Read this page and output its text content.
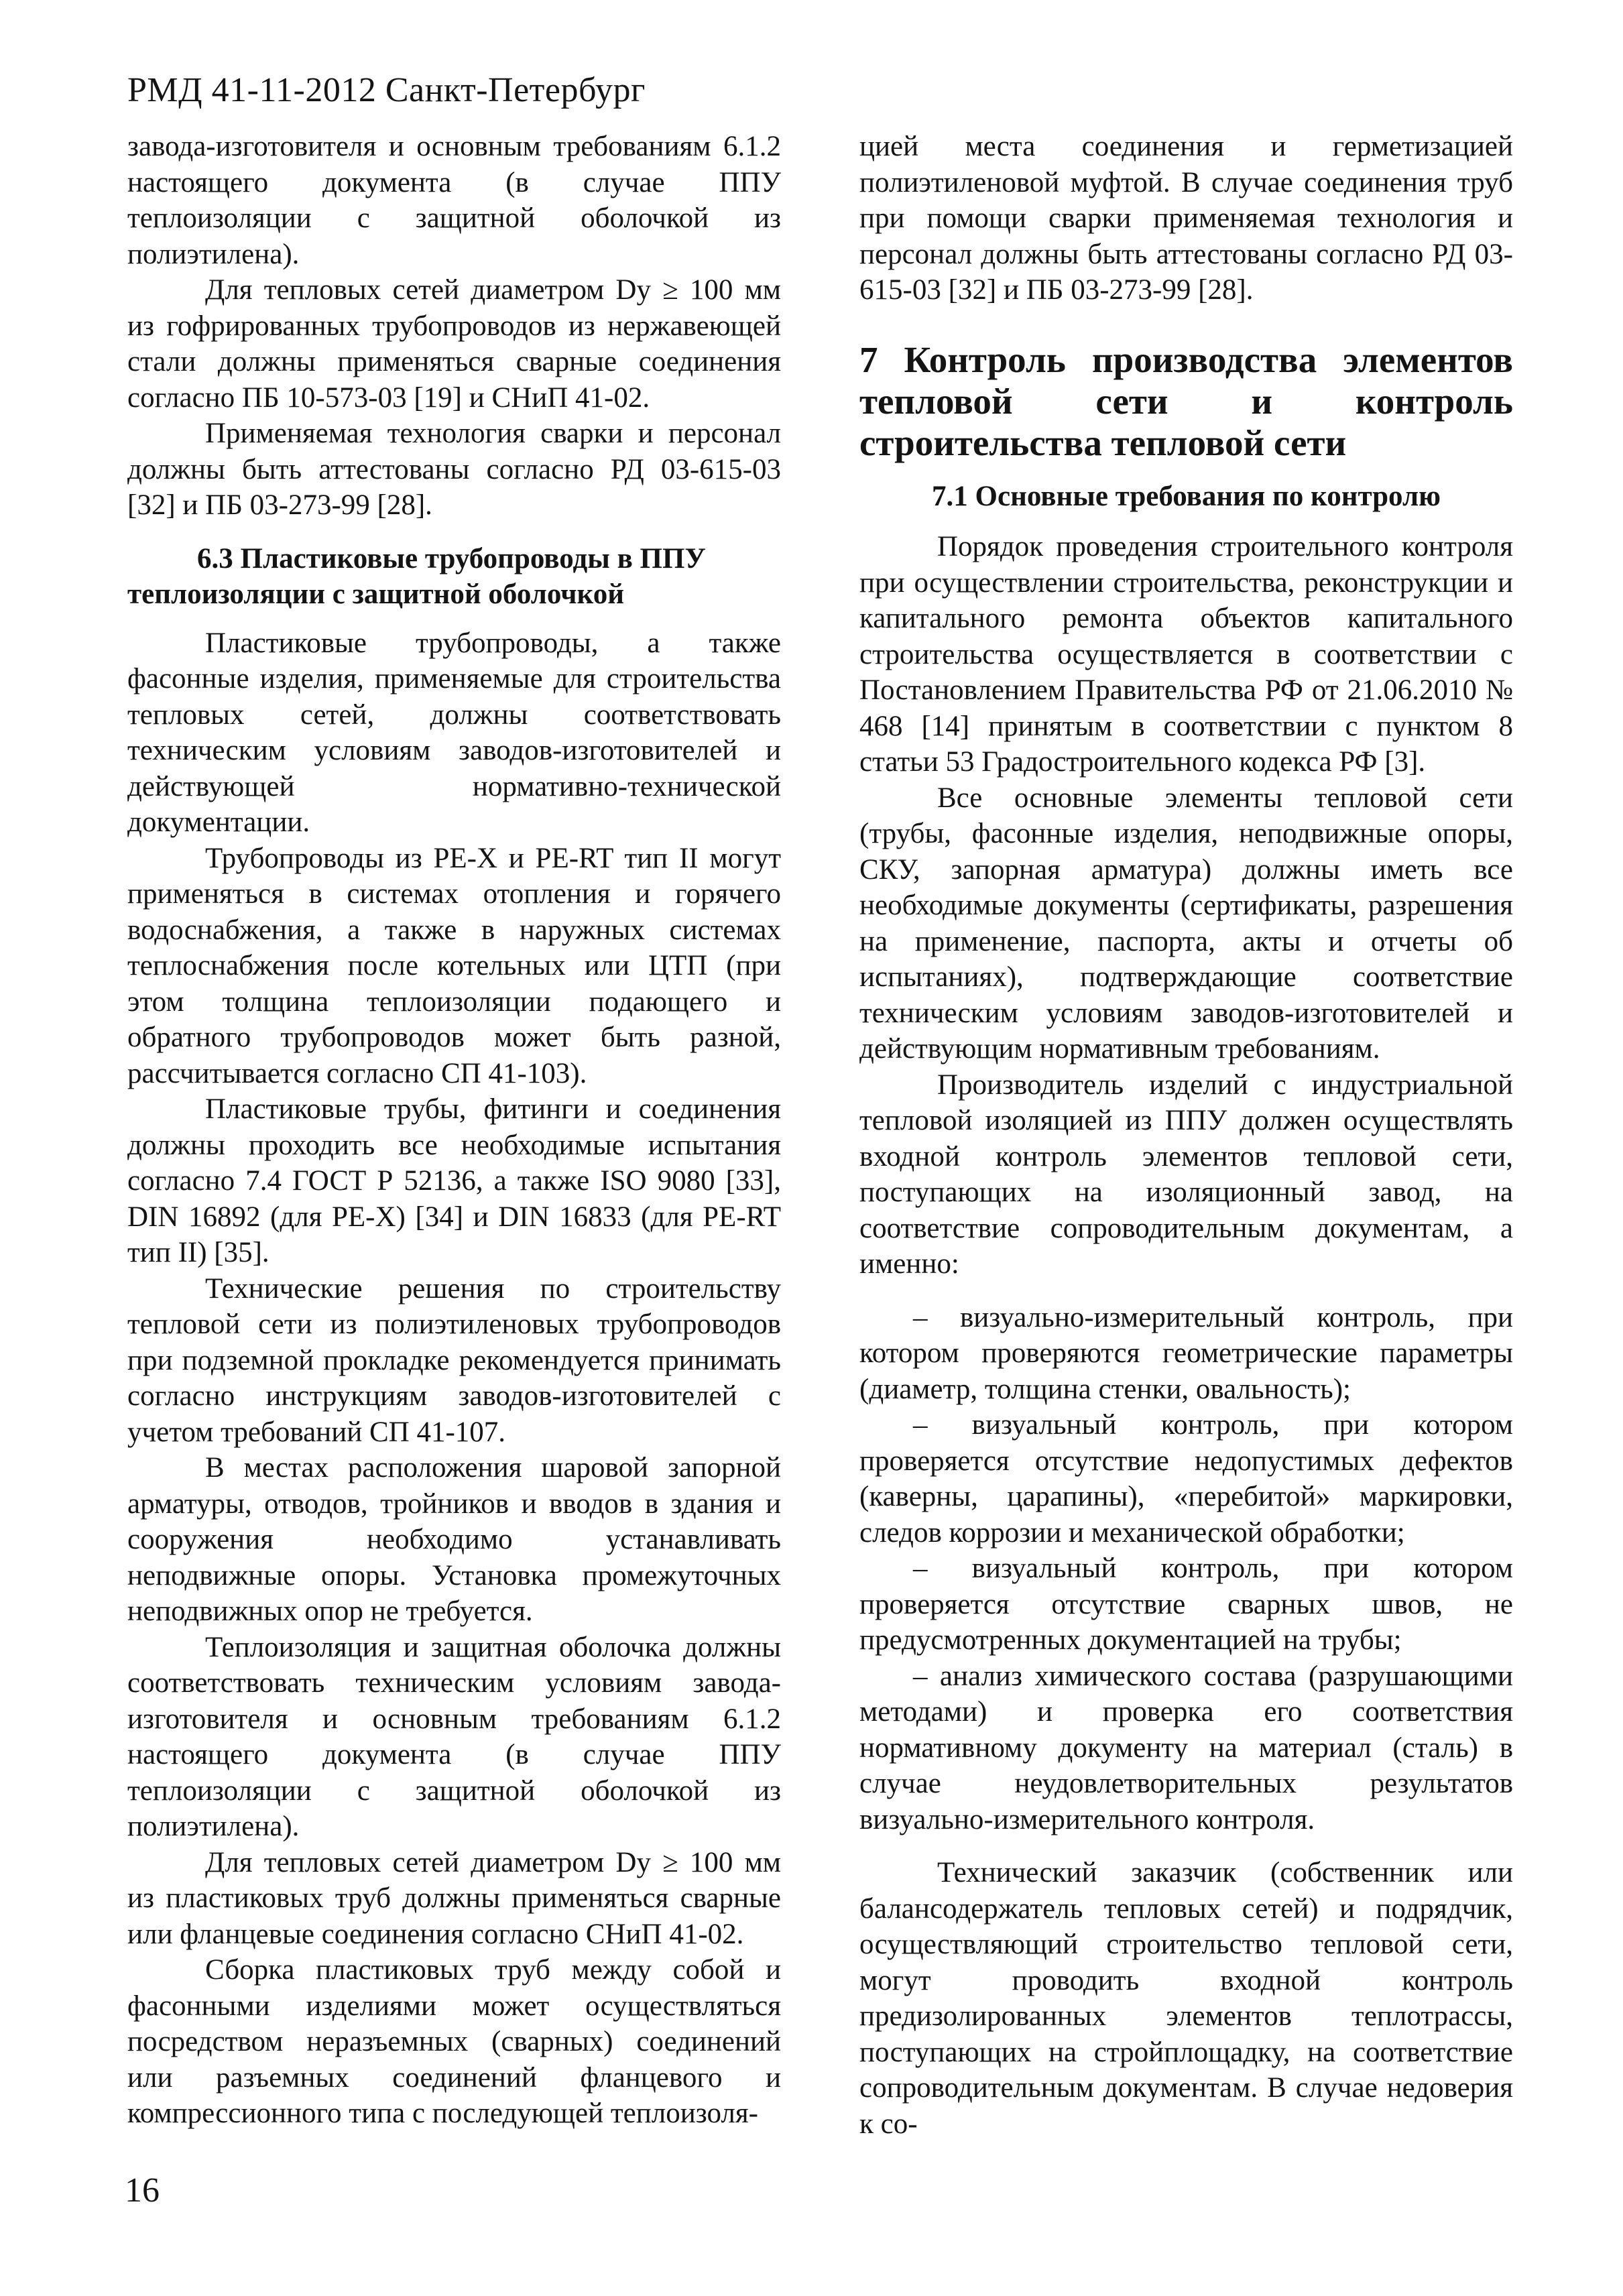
РМД 41-11-2012 Санкт-Петербург

завода-изготовителя и основным требованиям 6.1.2 настоящего документа (в случае ППУ теплоизоляции с защитной оболочкой из полиэтилена).

Для тепловых сетей диаметром Dy ≥ 100 мм из гофрированных трубопроводов из нержавеющей стали должны применяться сварные соединения согласно ПБ 10-573-03 [19] и СНиП 41-02.

Применяемая технология сварки и персонал должны быть аттестованы согласно РД 03-615-03 [32] и ПБ 03-273-99 [28].

6.3 Пластиковые трубопроводы в ППУ теплоизоляции с защитной оболочкой

Пластиковые трубопроводы, а также фасонные изделия, применяемые для строительства тепловых сетей, должны соответствовать техническим условиям заводов-изготовителей и действующей нормативно-технической документации.

Трубопроводы из PE-X и PE-RT тип II могут применяться в системах отопления и горячего водоснабжения, а также в наружных системах теплоснабжения после котельных или ЦТП (при этом толщина теплоизоляции подающего и обратного трубопроводов может быть разной, рассчитывается согласно СП 41-103).

Пластиковые трубы, фитинги и соединения должны проходить все необходимые испытания согласно 7.4 ГОСТ Р 52136, а также ISO 9080 [33], DIN 16892 (для PE-X) [34] и DIN 16833 (для PE-RT тип II) [35].

Технические решения по строительству тепловой сети из полиэтиленовых трубопроводов при подземной прокладке рекомендуется принимать согласно инструкциям заводов-изготовителей с учетом требований СП 41-107.

В местах расположения шаровой запорной арматуры, отводов, тройников и вводов в здания и сооружения необходимо устанавливать неподвижные опоры. Установка промежуточных неподвижных опор не требуется.

Теплоизоляция и защитная оболочка должны соответствовать техническим условиям завода-изготовителя и основным требованиям 6.1.2 настоящего документа (в случае ППУ теплоизоляции с защитной оболочкой из полиэтилена).

Для тепловых сетей диаметром Dy ≥ 100 мм из пластиковых труб должны применяться сварные или фланцевые соединения согласно СНиП 41-02.

Сборка пластиковых труб между собой и фасонными изделиями может осуществляться посредством неразъемных (сварных) соединений или разъемных соединений фланцевого и компрессионного типа с последующей теплоизоля-

цией места соединения и герметизацией полиэтиленовой муфтой. В случае соединения труб при помощи сварки применяемая технология и персонал должны быть аттестованы согласно РД 03-615-03 [32] и ПБ 03-273-99 [28].

7 Контроль производства элементов тепловой сети и контроль строительства тепловой сети
7.1 Основные требования по контролю

Порядок проведения строительного контроля при осуществлении строительства, реконструкции и капитального ремонта объектов капитального строительства осуществляется в соответствии с Постановлением Правительства РФ от 21.06.2010 № 468 [14] принятым в соответствии с пунктом 8 статьи 53 Градостроительного кодекса РФ [3].

Все основные элементы тепловой сети (трубы, фасонные изделия, неподвижные опоры, СКУ, запорная арматура) должны иметь все необходимые документы (сертификаты, разрешения на применение, паспорта, акты и отчеты об испытаниях), подтверждающие соответствие техническим условиям заводов-изготовителей и действующим нормативным требованиям.

Производитель изделий с индустриальной тепловой изоляцией из ППУ должен осуществлять входной контроль элементов тепловой сети, поступающих на изоляционный завод, на соответствие сопроводительным документам, а именно:

– визуально-измерительный контроль, при котором проверяются геометрические параметры (диаметр, толщина стенки, овальность);

– визуальный контроль, при котором проверяется отсутствие недопустимых дефектов (каверны, царапины), «перебитой» маркировки, следов коррозии и механической обработки;

– визуальный контроль, при котором проверяется отсутствие сварных швов, не предусмотренных документацией на трубы;

– анализ химического состава (разрушающими методами) и проверка его соответствия нормативному документу на материал (сталь) в случае неудовлетворительных результатов визуально-измерительного контроля.

Технический заказчик (собственник или балансодержатель тепловых сетей) и подрядчик, осуществляющий строительство тепловой сети, могут проводить входной контроль предизолированных элементов теплотрассы, поступающих на стройплощадку, на соответствие сопроводительным документам. В случае недоверия к со-

16
